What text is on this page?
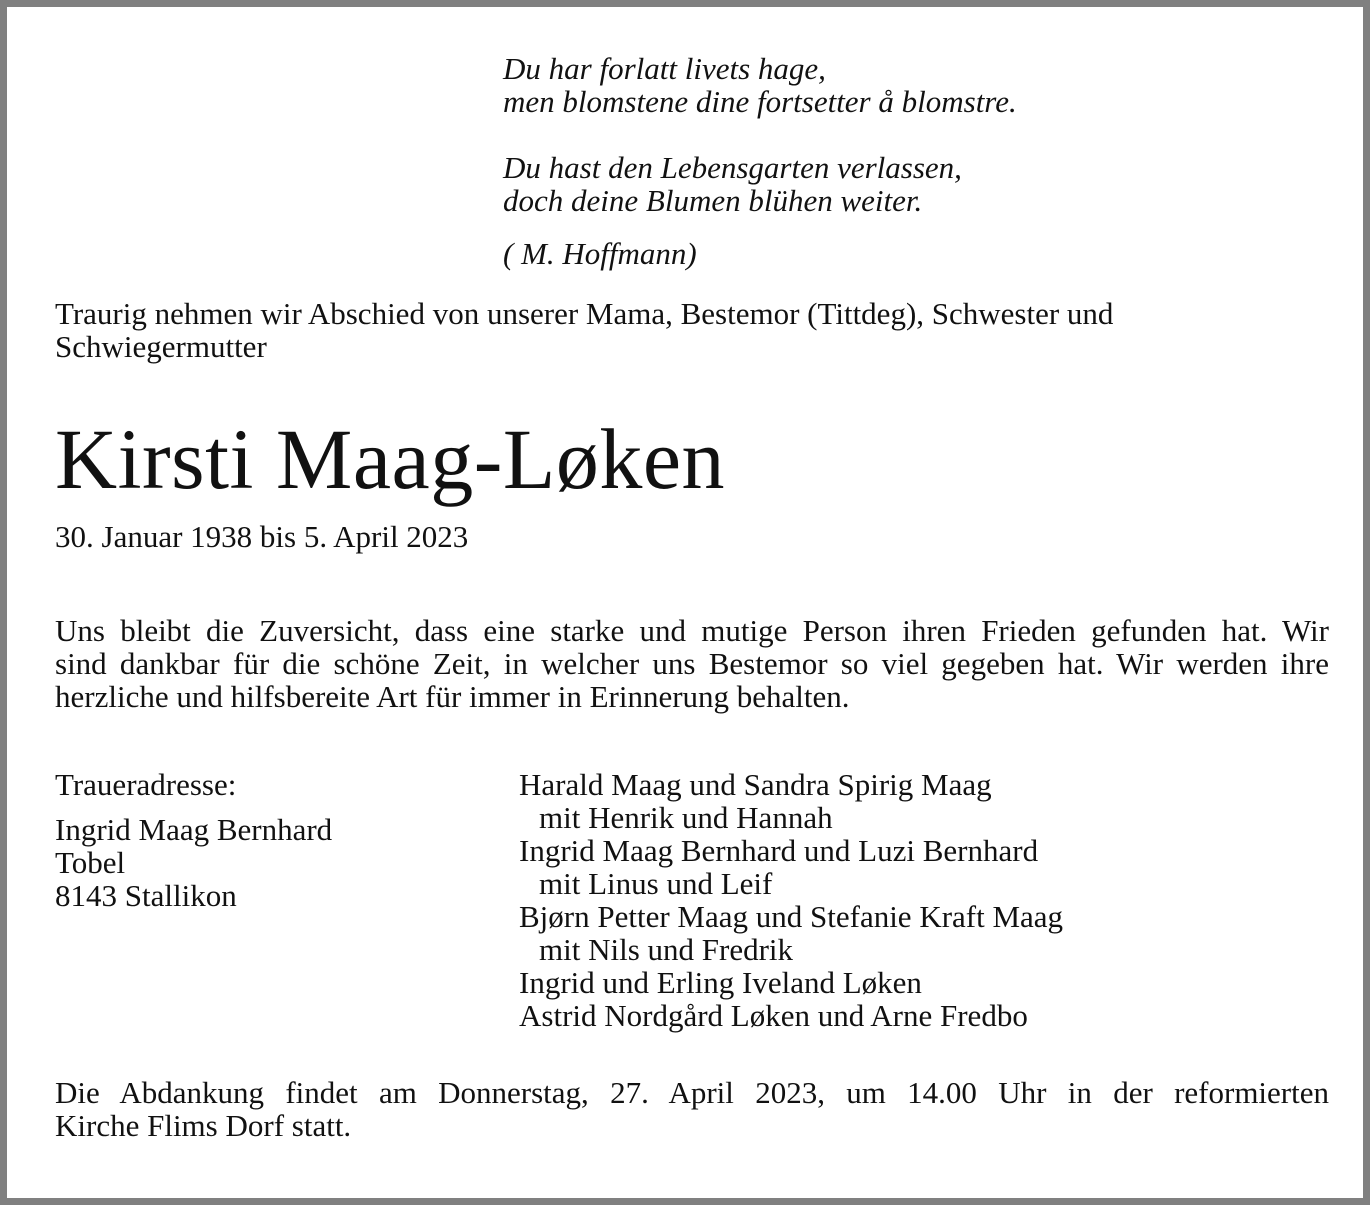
Du har forlatt livets hage,
men blomstene dine fortsetter å blomstre.
Du hast den Lebensgarten verlassen,
doch deine Blumen blühen weiter.
( M. Hoffmann)
Traurig nehmen wir Abschied von unserer Mama, Bestemor (Tittdeg), Schwester und
Schwiegermutter
Kirsti Maag-Løken
30. Januar 1938 bis 5. April 2023
Uns bleibt die Zuversicht, dass eine starke und mutige Person ihren Frieden gefunden hat. Wir
sind dankbar für die schöne Zeit, in welcher uns Bestemor so viel gegeben hat. Wir werden ihre
herzliche und hilfsbereite Art für immer in Erinnerung behalten.
Traueradresse:
Ingrid Maag Bernhard
Tobel
8143 Stallikon
Harald Maag und Sandra Spirig Maag
mit Henrik und Hannah
Ingrid Maag Bernhard und Luzi Bernhard
mit Linus und Leif
Bjørn Petter Maag und Stefanie Kraft Maag
mit Nils und Fredrik
Ingrid und Erling Iveland Løken
Astrid Nordgård Løken und Arne Fredbo
Die Abdankung findet am Donnerstag, 27. April 2023, um 14.00 Uhr in der reformierten
Kirche Flims Dorf statt.
